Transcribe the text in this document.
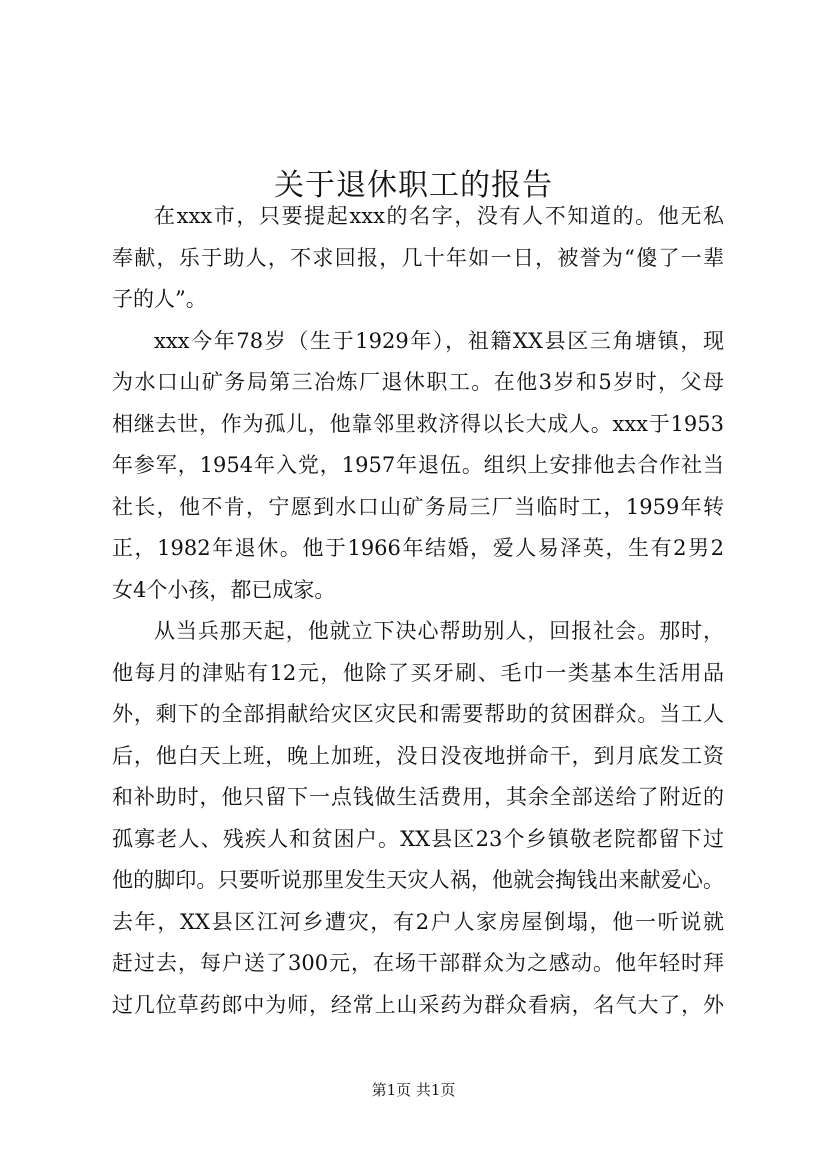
关于退休职工的报告
在xxx市，只要提起xxx的名字，没有人不知道的。他无私
奉献，乐于助人，不求回报，几十年如一日，被誉为“傻了一辈
子的人”。
xxx今年78岁（生于1929年），祖籍XX县区三角塘镇，现
为水口山矿务局第三冶炼厂退休职工。在他3岁和5岁时，父母
相继去世，作为孤儿，他靠邻里救济得以长大成人。xxx于1953
年参军，1954年入党，1957年退伍。组织上安排他去合作社当
社长，他不肯，宁愿到水口山矿务局三厂当临时工，1959年转
正，1982年退休。他于1966年结婚，爱人易泽英，生有2男2
女4个小孩，都已成家。
从当兵那天起，他就立下决心帮助别人，回报社会。那时，
他每月的津贴有12元，他除了买牙刷、毛巾一类基本生活用品
外，剩下的全部捐献给灾区灾民和需要帮助的贫困群众。当工人
后，他白天上班，晚上加班，没日没夜地拼命干，到月底发工资
和补助时，他只留下一点钱做生活费用，其余全部送给了附近的
孤寡老人、残疾人和贫困户。XX县区23个乡镇敬老院都留下过
他的脚印。只要听说那里发生天灾人祸，他就会掏钱出来献爱心。
去年，XX县区江河乡遭灾，有2户人家房屋倒塌，他一听说就
赶过去，每户送了300元，在场干部群众为之感动。他年轻时拜
过几位草药郎中为师，经常上山采药为群众看病，名气大了，外
第1页 共1页
